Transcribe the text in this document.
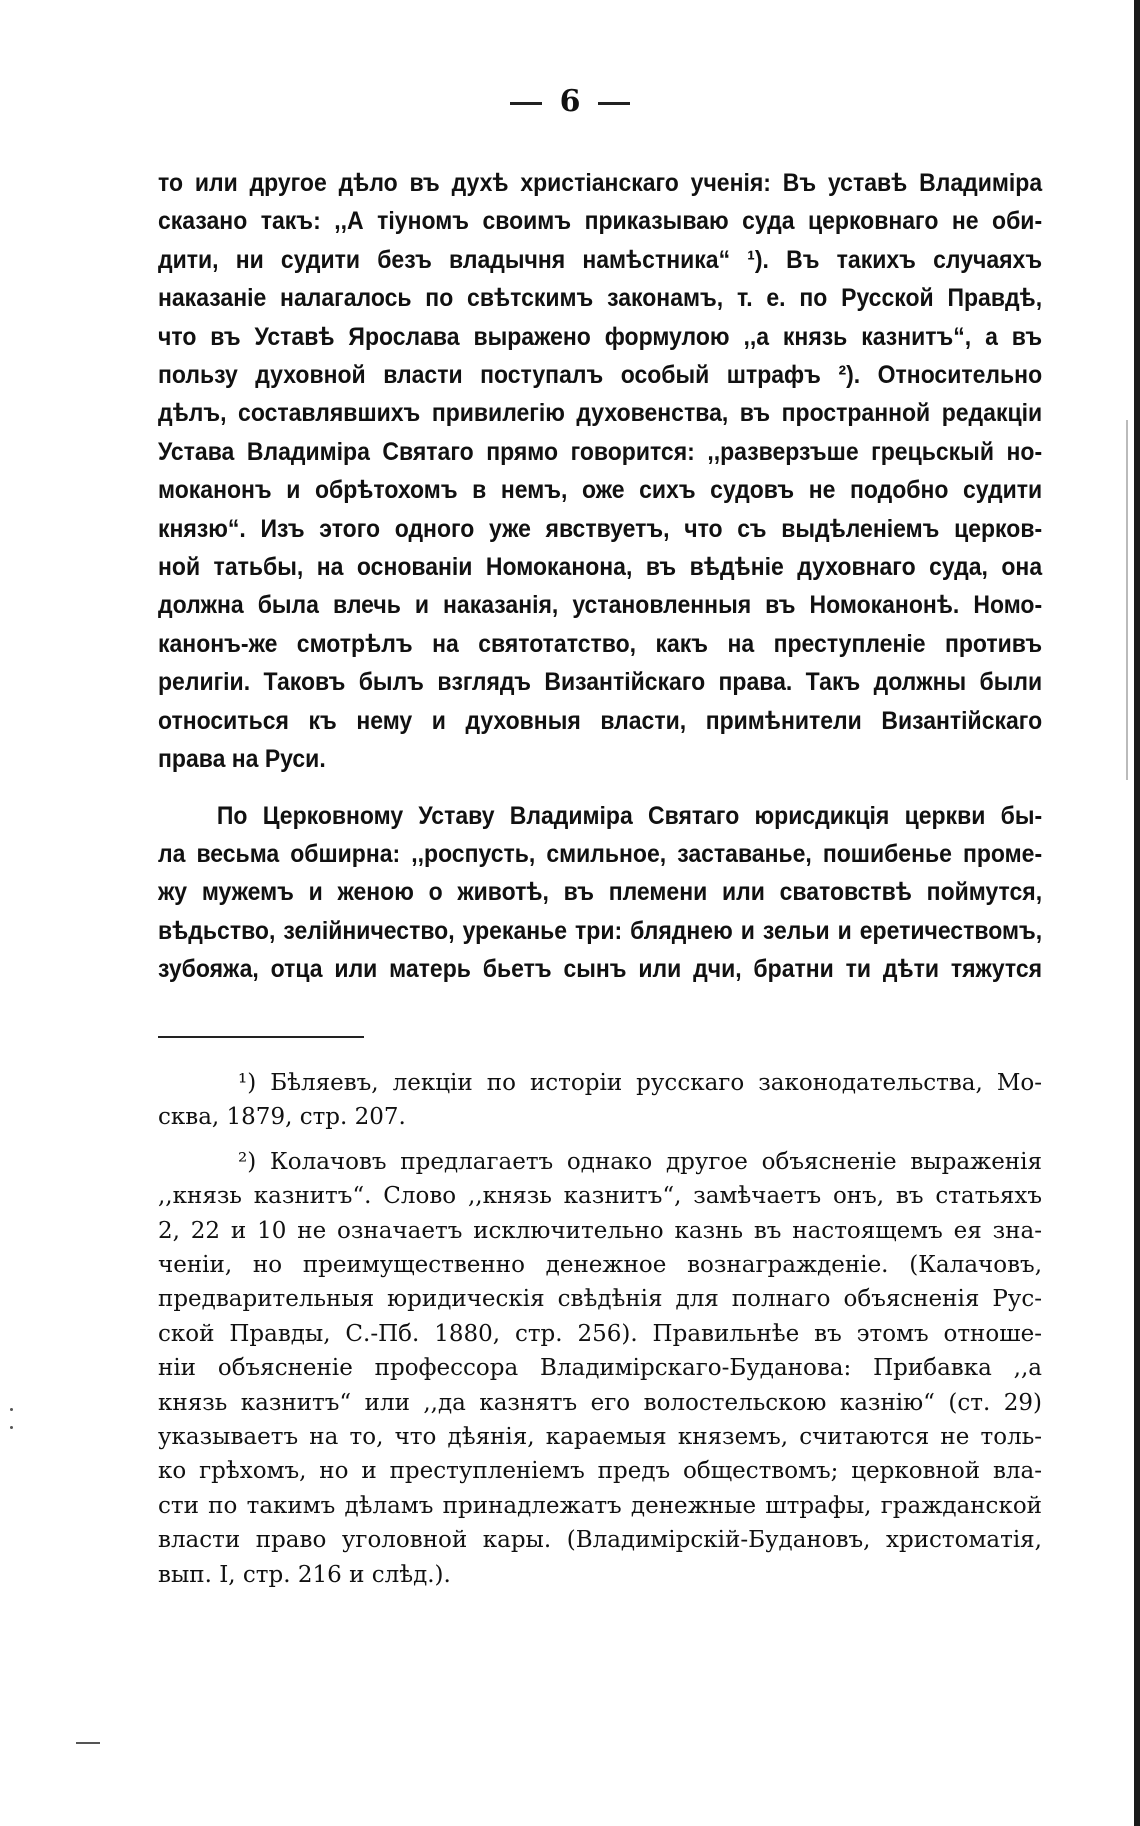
6
то или другое дѣло въ духѣ христіанскаго ученія: Въ уставѣ Владиміра
сказано такъ: ,,А тіуномъ своимъ приказываю суда церковнаго не оби-
дити, ни судити безъ владычня намѣстника“ ¹). Въ такихъ случаяхъ
наказаніе налагалось по свѣтскимъ законамъ, т. е. по Русской Правдѣ,
что въ Уставѣ Ярослава выражено формулою ,,а князь казнитъ“, а въ
пользу духовной власти поступалъ особый штрафъ ²). Относительно
дѣлъ, составлявшихъ привилегію духовенства, въ пространной редакціи
Устава Владиміра Святаго прямо говорится: ,,разверзъше грецьскый но-
моканонъ и обрѣтохомъ в немъ, оже сихъ судовъ не подобно судити
князю“. Изъ этого одного уже явствуетъ, что съ выдѣленіемъ церков-
ной татьбы, на основаніи Номоканона, въ вѣдѣніе духовнаго суда, она
должна была влечь и наказанія, установленныя въ Номоканонѣ. Номо-
канонъ-же смотрѣлъ на святотатство, какъ на преступленіе противъ
религіи. Таковъ былъ взглядъ Византійскаго права. Такъ должны были
относиться къ нему и духовныя власти, примѣнители Византійскаго
права на Руси.
По Церковному Уставу Владиміра Святаго юрисдикція церкви бы-
ла весьма обширна: ,,роспусть, смильное, заставанье, пошибенье проме-
жу мужемъ и женою о животѣ, въ племени или сватовствѣ поймутся,
вѣдьство, зелійничество, уреканье три: бляднею и зельи и еретичествомъ,
зубояжа, отца или матерь бьетъ сынъ или дчи, братни ти дѣти тяжутся
¹) Бѣляевъ, лекціи по исторіи русскаго законодательства, Мо-
сква, 1879, стр. 207.
²) Колачовъ предлагаетъ однако другое объясненіе выраженія
,,князь казнитъ“. Слово ,,князь казнитъ“, замѣчаетъ онъ, въ статьяхъ
2, 22 и 10 не означаетъ исключительно казнь въ настоящемъ ея зна-
ченіи, но преимущественно денежное вознагражденіе. (Калачовъ,
предварительныя юридическія свѣдѣнія для полнаго объясненія Рус-
ской Правды, С.-Пб. 1880, стр. 256). Правильнѣе въ этомъ отноше-
ніи объясненіе профессора Владимірскаго-Буданова: Прибавка ,,а
князь казнитъ“ или ,,да казнятъ его волостельскою казнію“ (ст. 29)
указываетъ на то, что дѣянія, караемыя княземъ, считаются не толь-
ко грѣхомъ, но и преступленіемъ предъ обществомъ; церковной вла-
сти по такимъ дѣламъ принадлежатъ денежные штрафы, гражданской
власти право уголовной кары. (Владимірскій-Будановъ, христоматія,
вып. I, стр. 216 и слѣд.).
